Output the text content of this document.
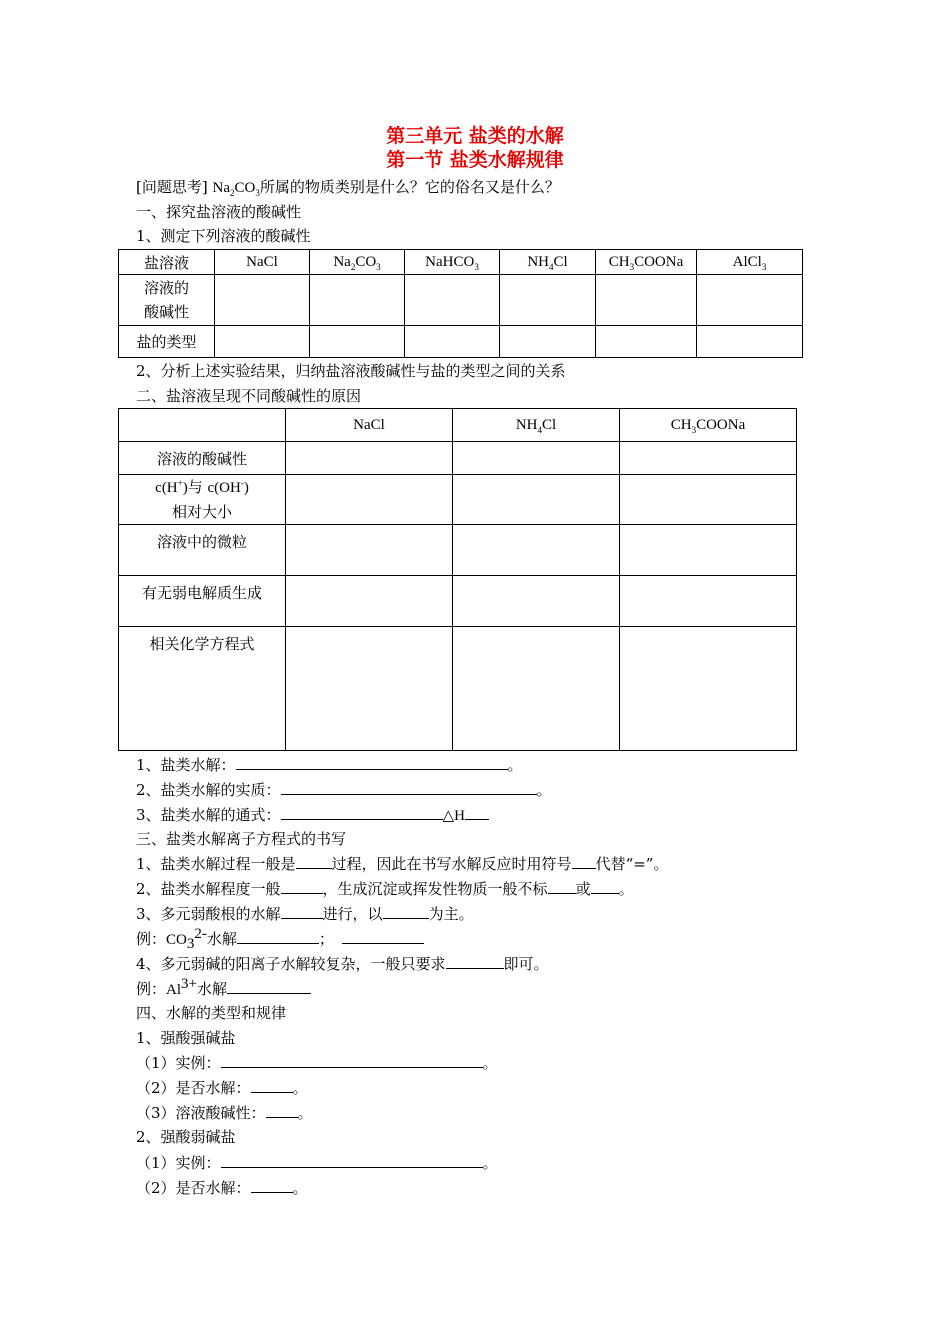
第三单元 盐类的水解
第一节 盐类水解规律
[问题思考] $Na_2CO_3$所属的物质类别是什么？它的俗名又是什么？
一、探究盐溶液的酸碱性
1、测定下列溶液的酸碱性
盐溶液	NaCl	$Na_2CO_3$	NaHCO$_3$	$NH_4Cl$	$CH_3COONa$	AlCl$_3$
溶液的
酸碱性						
盐的类型						
2、分析上述实验结果，归纳盐溶液酸碱性与盐的类型之间的关系
二、盐溶液呈现不同酸碱性的原因
	NaCl	$NH_4Cl$	$CH_3COONa$
溶液的酸碱性			
c(H+)与 c(OH-)
相对大小			
溶液中的微粒			
有无弱电解质生成			
相关化学方程式			
1、盐类水解：	。
2、盐类水解的实质：	。
3、盐类水解的通式：	△H
三、盐类水解离子方程式的书写
1、盐类水解过程一般是 过程，因此在书写水解反应时用符号 代替“=”。
2、盐类水解程度一般	，生成沉淀或挥发性物质一般不标 或 。
3、多元弱酸根的水解	进行，以	为主。
例：$CO_3^{2-}$水解	；
4、多元弱碱的阳离子水解较复杂，一般只要求	即可。
例：$Al^{3+}$水解
四、水解的类型和规律
1、强酸强碱盐
（1）实例：	。
（2）是否水解：	。
（3）溶液酸碱性： 。
2、强酸弱碱盐
（1）实例：	。
（2）是否水解：	。
